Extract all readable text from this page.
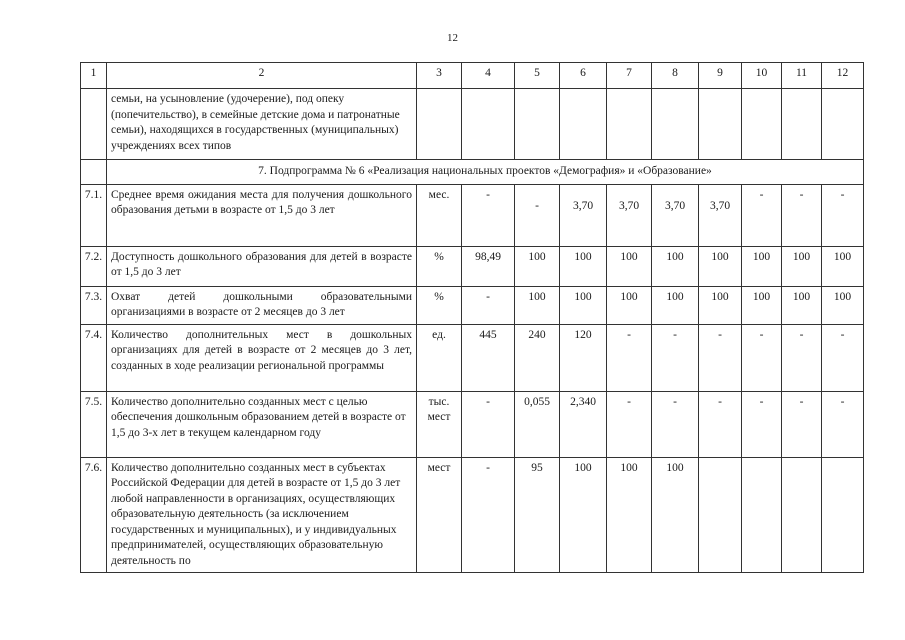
12
1	2	3	4	5	6	7	8	9	10	11	12
	семьи, на усыновление (удочерение), под опеку (попечительство), в семейные детские дома и патронатные семьи), находящихся в государственных (муниципальных) учреждениях всех типов										
	7. Подпрограмма № 6 «Реализация национальных проектов «Демография» и «Образование»										
7.1.	Среднее время ожидания места для получения дошкольного образования детьми в возрасте от 1,5 до 3 лет	мес.	-	-	3,70	3,70	3,70	3,70	-	-	-
7.2.	Доступность дошкольного образования для детей в возрасте от 1,5 до 3 лет	%	98,49	100	100	100	100	100	100	100	100
7.3.	Охват детей дошкольными образовательными организациями в возрасте от 2 месяцев до 3 лет	%	-	100	100	100	100	100	100	100	100
7.4.	Количество дополнительных мест в дошкольных организациях для детей в возрасте от 2 месяцев до 3 лет, созданных в ходе реализации региональной программы	ед.	445	240	120	-	-	-	-	-	-
7.5.	Количество дополнительно созданных мест с целью обеспечения дошкольным образованием детей в возрасте от 1,5 до 3-х лет в текущем календарном году	тыс. мест	-	0,055	2,340	-	-	-	-	-	-
7.6.	Количество дополнительно созданных мест в субъектах Российской Федерации для детей в возрасте от 1,5 до 3 лет любой направленности в организациях, осуществляющих образовательную деятельность (за исключением государственных и муниципальных), и у индивидуальных предпринимателей, осуществляющих образовательную деятельность по	мест	-	95	100	100	100				
